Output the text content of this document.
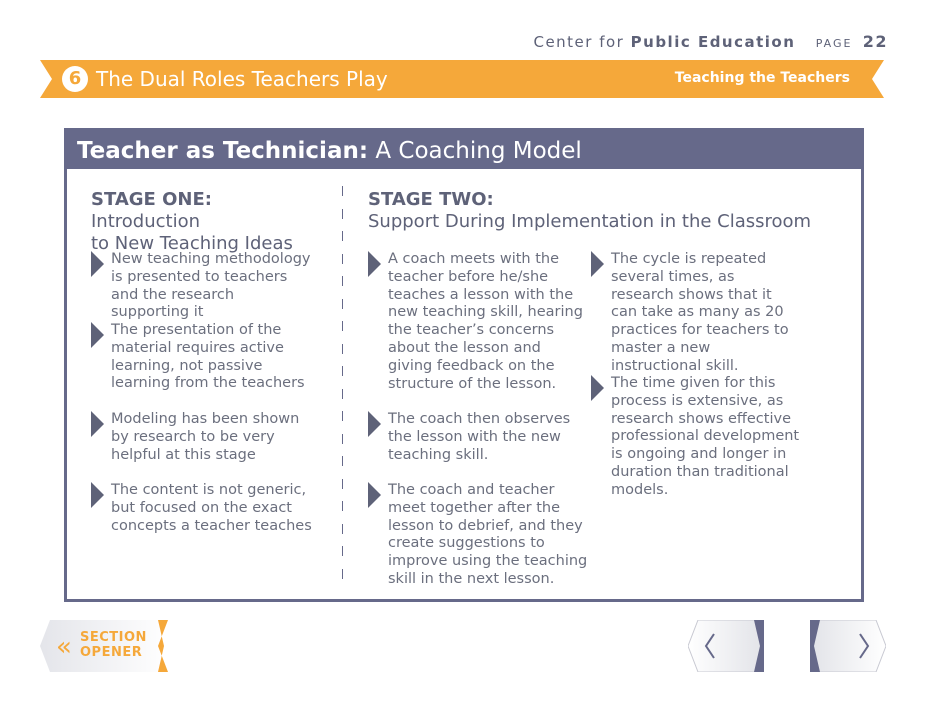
Center for Public Education PAGE 22
6 The Dual Roles Teachers Play	Teaching the Teachers
Teacher as Technician: A Coaching Model
STAGE ONE: Introduction
to New Teaching Ideas
New teaching methodology is presented to teachers and the research supporting it
The presentation of the material requires active learning, not passive learning from the teachers
Modeling has been shown by research to be very helpful at this stage
The content is not generic, but focused on the exact concepts a teacher teaches
STAGE TWO:
Support During Implementation in the Classroom
A coach meets with the teacher before he/she teaches a lesson with the new teaching skill, hearing the teacher’s concerns about the lesson and giving feedback on the structure of the lesson.
The coach then observes the lesson with the new teaching skill.
The coach and teacher meet together after the lesson to debrief, and they create suggestions to improve using the teaching skill in the next lesson.
The cycle is repeated several times, as research shows that it can take as many as 20 practices for teachers to master a new instructional skill.
The time given for this process is extensive, as research shows effective professional development is ongoing and longer in duration than traditional models.
« SECTION
OPENER
